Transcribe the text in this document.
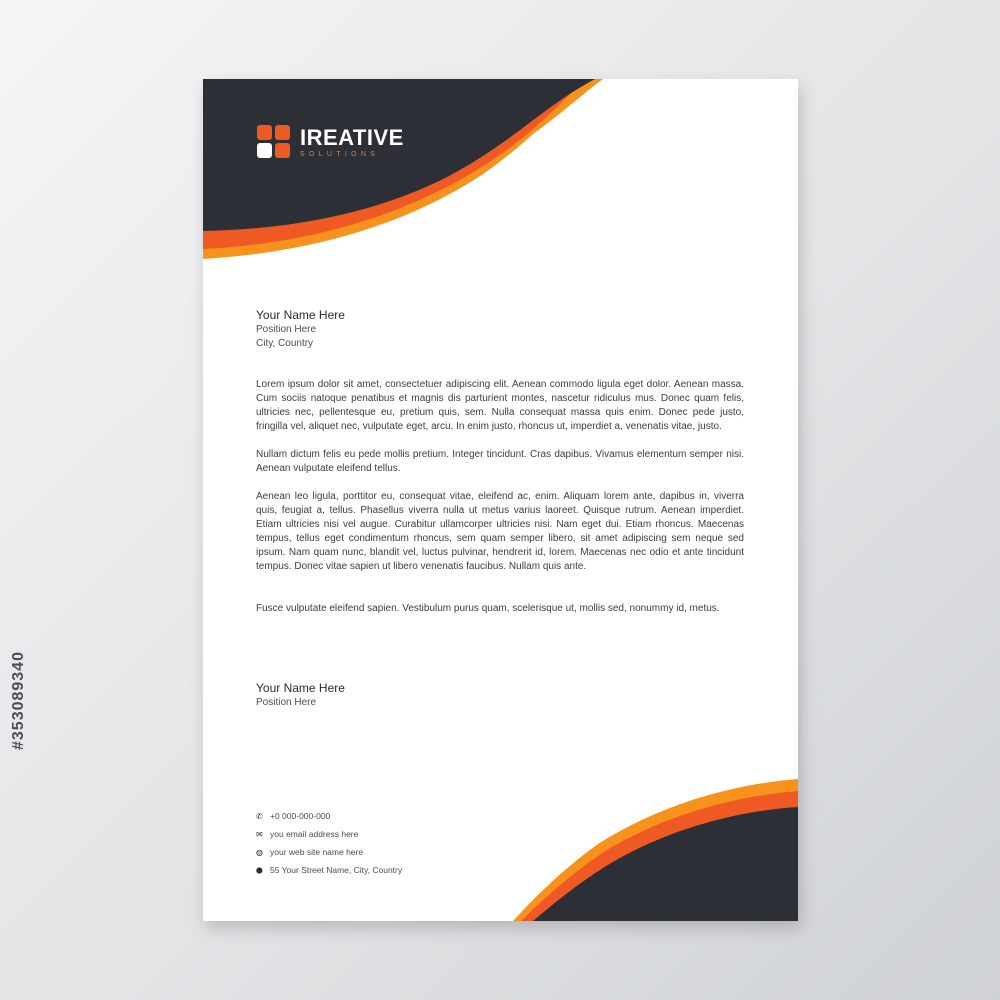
IREATIVE
SOLUTIONS
Your Name Here
Position Here
City, Country

Lorem ipsum dolor sit amet, consectetuer adipiscing elit. Aenean commodo ligula eget dolor. Aenean massa. Cum sociis natoque penatibus et magnis dis parturient montes, nascetur ridiculus mus. Donec quam felis, ultricies nec, pellentesque eu, pretium quis, sem. Nulla consequat massa quis enim. Donec pede justo, fringilla vel, aliquet nec, vulputate eget, arcu. In enim justo, rhoncus ut, imperdiet a, venenatis vitae, justo.

Nullam dictum felis eu pede mollis pretium. Integer tincidunt. Cras dapibus. Vivamus elementum semper nisi. Aenean vulputate eleifend tellus.

Aenean leo ligula, porttitor eu, consequat vitae, eleifend ac, enim. Aliquam lorem ante, dapibus in, viverra quis, feugiat a, tellus. Phasellus viverra nulla ut metus varius laoreet. Quisque rutrum. Aenean imperdiet. Etiam ultricies nisi vel augue. Curabitur ullamcorper ultricies nisi. Nam eget dui. Etiam rhoncus. Maecenas tempus, tellus eget condimentum rhoncus, sem quam semper libero, sit amet adipiscing sem neque sed ipsum. Nam quam nunc, blandit vel, luctus pulvinar, hendrerit id, lorem. Maecenas nec odio et ante tincidunt tempus. Donec vitae sapien ut libero venenatis faucibus. Nullam quis ante.

Fusce vulputate eleifend sapien. Vestibulum purus quam, scelerisque ut, mollis sed, nonummy id, metus.

Your Name Here
Position Here
✆ +0 000-000-000
✉ you email address here
◍ your web site name here
⬤ 55 Your Street Name, City, Country
#353089340
